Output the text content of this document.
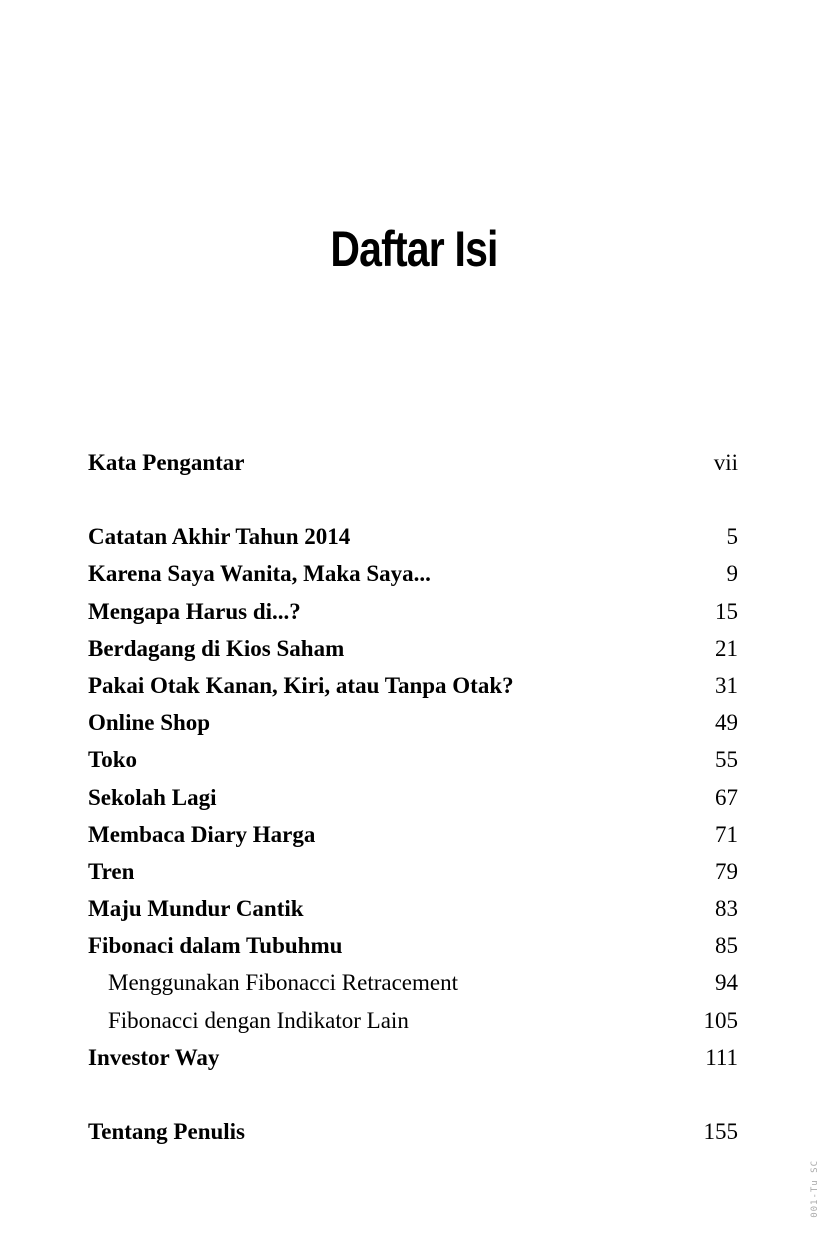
Daftar Isi
Kata Pengantar	vii
Catatan Akhir Tahun 2014	5
Karena Saya Wanita, Maka Saya...	9
Mengapa Harus di...?	15
Berdagang di Kios Saham	21
Pakai Otak Kanan, Kiri, atau Tanpa Otak?	31
Online Shop	49
Toko	55
Sekolah Lagi	67
Membaca Diary Harga	71
Tren	79
Maju Mundur Cantik	83
Fibonaci dalam Tubuhmu	85
Menggunakan Fibonacci Retracement	94
Fibonacci dengan Indikator Lain	105
Investor Way	111
Tentang Penulis	155
001-Tu SC
